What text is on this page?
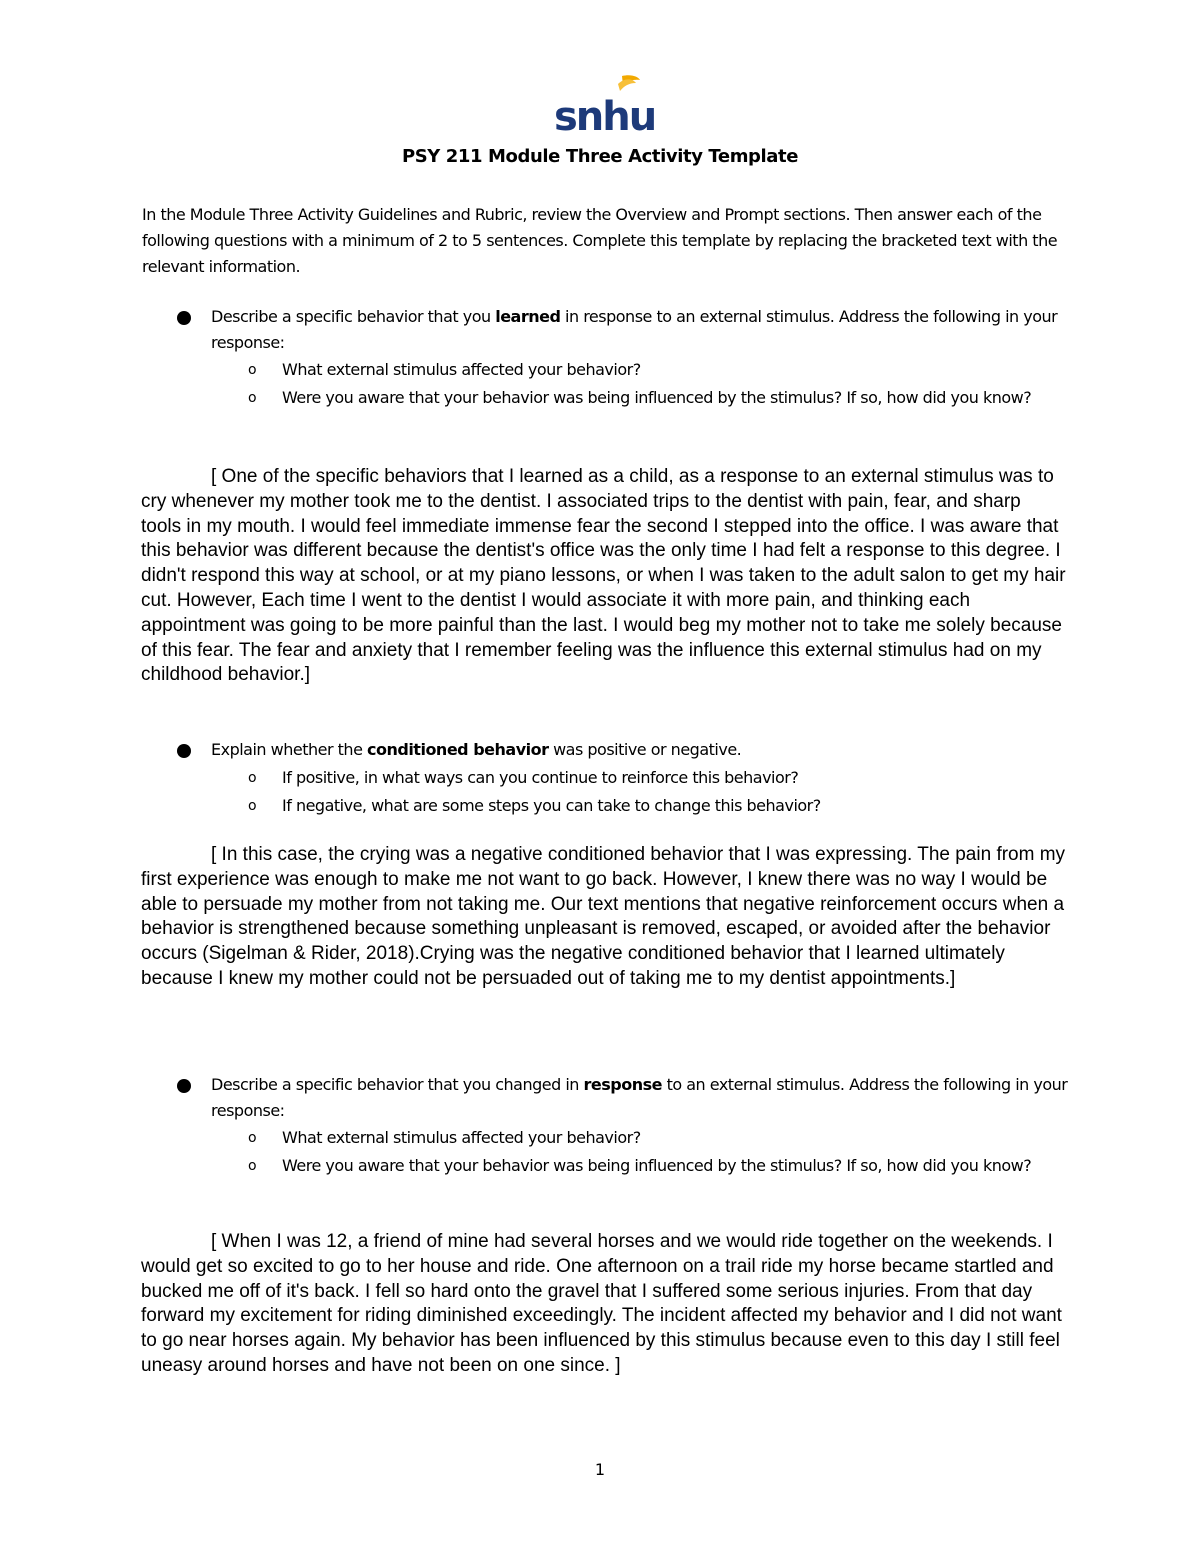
snhu
PSY 211 Module Three Activity Template
In the Module Three Activity Guidelines and Rubric, review the Overview and Prompt sections. Then answer each of the following questions with a minimum of 2 to 5 sentences. Complete this template by replacing the bracketed text with the relevant information.
Describe a specific behavior that you learned in response to an external stimulus. Address the following in your response:
o What external stimulus affected your behavior?
o Were you aware that your behavior was being influenced by the stimulus? If so, how did you know?
[ One of the specific behaviors that I learned as a child, as a response to an external stimulus was to cry whenever my mother took me to the dentist. I associated trips to the dentist with pain, fear, and sharp tools in my mouth. I would feel immediate immense fear the second I stepped into the office. I was aware that this behavior was different because the dentist's office was the only time I had felt a response to this degree. I didn't respond this way at school, or at my piano lessons, or when I was taken to the adult salon to get my hair cut. However, Each time I went to the dentist I would associate it with more pain, and thinking each appointment was going to be more painful than the last. I would beg my mother not to take me solely because of this fear. The fear and anxiety that I remember feeling was the influence this external stimulus had on my childhood behavior.]
Explain whether the conditioned behavior was positive or negative.
o If positive, in what ways can you continue to reinforce this behavior?
o If negative, what are some steps you can take to change this behavior?
[ In this case, the crying was a negative conditioned behavior that I was expressing. The pain from my first experience was enough to make me not want to go back. However, I knew there was no way I would be able to persuade my mother from not taking me. Our text mentions that negative reinforcement occurs when a behavior is strengthened because something unpleasant is removed, escaped, or avoided after the behavior occurs (Sigelman & Rider, 2018).Crying was the negative conditioned behavior that I learned ultimately because I knew my mother could not be persuaded out of taking me to my dentist appointments.]
Describe a specific behavior that you changed in response to an external stimulus. Address the following in your response:
o What external stimulus affected your behavior?
o Were you aware that your behavior was being influenced by the stimulus? If so, how did you know?
[ When I was 12, a friend of mine had several horses and we would ride together on the weekends. I would get so excited to go to her house and ride. One afternoon on a trail ride my horse became startled and bucked me off of it's back. I fell so hard onto the gravel that I suffered some serious injuries. From that day forward my excitement for riding diminished exceedingly. The incident affected my behavior and I did not want to go near horses again. My behavior has been influenced by this stimulus because even to this day I still feel uneasy around horses and have not been on one since. ]
1
